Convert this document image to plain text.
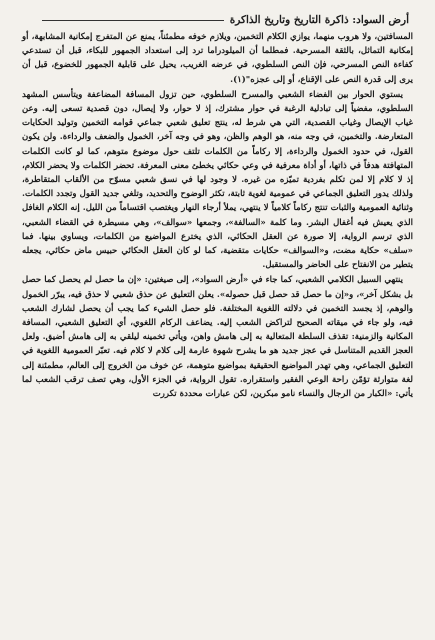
أرض السواد: ذاكرة التاريخ وتاريخ الذاكرة

المسافتين، ولا هروب منهما، يوازي الكلام التخمين، ويلازم خوفه مطمئناً، يمنع عن المتفرج إمكانية المشابهة، أو إمكانية التماثل، بالثقة المسرحية. فمطلما أن الميلودراما ترد إلى استعداد الجمهور للبكاء، قبل أن تستدعي كفاءة النص المسرحي، فإن النص السلطوي، في عرضه الغريب، يحيل على قابلية الجمهور للخضوع، قبل أن يرى إلى قدرة النص على الإقناع، أو إلى عجزه"(١).

يستوي الحوار بين الفضاء الشعبي والمسرح السلطوي، حين تزول المسافة المضاعفة ويتأسس المشهد السلطوي، مفضياً إلى تبادلية الرغبة في حوار مشترك، إذ لا حوار، ولا إيصال، دون قصدية تسعى إليه. وعن غياب الإيصال وغياب القصدية، التي هي شرط له، ينتج تعليق شعبي جماعي قوامه التخمين وتوليد الحكايات المتعارضة. والتخمين، في وجه منه، هو الوهم والظن، وهو في وجه آخر، الخمول والضعف والرداءة. ولن يكون القول، في حدود الخمول والرداءة، إلا ركاماً من الكلمات تلتف حول موضوع متوهم، كما لو كانت الكلمات المتهافتة هدفاً في ذاتها، أو أداة معرفية في وعي حكائي يخطئ معنى المعرفة. تحضر الكلمات ولا يحضر الكلام، إذ لا كلام إلا لمن تكلم بفردية تميّزه من غيره. لا وجود لها في نسق شعبي مسوّح من الألقاب المتقاطرة، ولذلك يدور التعليق الجماعي في عمومية لغوية ثابتة، تكثر الوضوح والتحديد، وتلغي جديد القول وتجدد الكلمات. وثنائية العمومية والثبات تنتج ركاماً كلامياً لا ينتهي، يملأ أرجاء النهار ويغتصب اقتساماً من الليل. إنه الكلام الغافل الذي يعيش فيه أغفال البشر. وما كلمة «السالفة»، وجمعها «سوالف»، وهي مسيطرة في القضاء الشعبي، الذي ترسم الرواية، إلا صورة عن العقل الحكائي، الذي يخترع المواضيع من الكلمات، ويساوي بينها. فما «سلف» حكاية مضت، و«السوالف» حكايات متقضية، كما لو كان العقل الحكائي حبيس ماض حكائي، يجعله يتطير من الانفتاح على الحاضر والمستقبل.

ينتهي السبيل الكلامي الشعبي، كما جاء في «أرض السواد»، إلى صيغتين: «إن ما حصل لم يحصل كما حصل بل بشكل آخر»، و«إن ما حصل قد حصل قبل حصوله». يعلن التعليق عن حذق شعبي لا حذق فيه، يبرّر الخمول والوهم، إذ يجسد التخمين في دلالته اللغوية المختلفة. فلو حصل الشيء كما يجب أن يحصل لشارك الشعب فيه، ولو جاء في ميقاته الصحيح لتراكض الشعب إليه. يضاعف الركام اللغوي، أي التعليق الشعبي، المسافة المكانية والزمنية: تقذف السلطة المتعالية به إلى هامش واهن، ويأتي تخمينه ليلقي به إلى هامش أضيق. ولعل العجز القديم المتناسل في عجز جديد هو ما يشرح شهوة عارمة إلى كلام لا كلام فيه. تعبّر العمومية اللغوية في التعليق الجماعي، وهي تهدر المواضيع الحقيقية بمواضيع متوهمة، عن خوف من الخروج إلى العالم، مطمئنة إلى لغة متوارثة تؤمّن راحة الوعي الفقير واستقراره. تقول الرواية، في الجزء الأول، وهي تصف ترقب الشعب لما يأتي: «الكبار من الرجال والنساء نامو مبكرين، لكن عبارات محددة تكررت
